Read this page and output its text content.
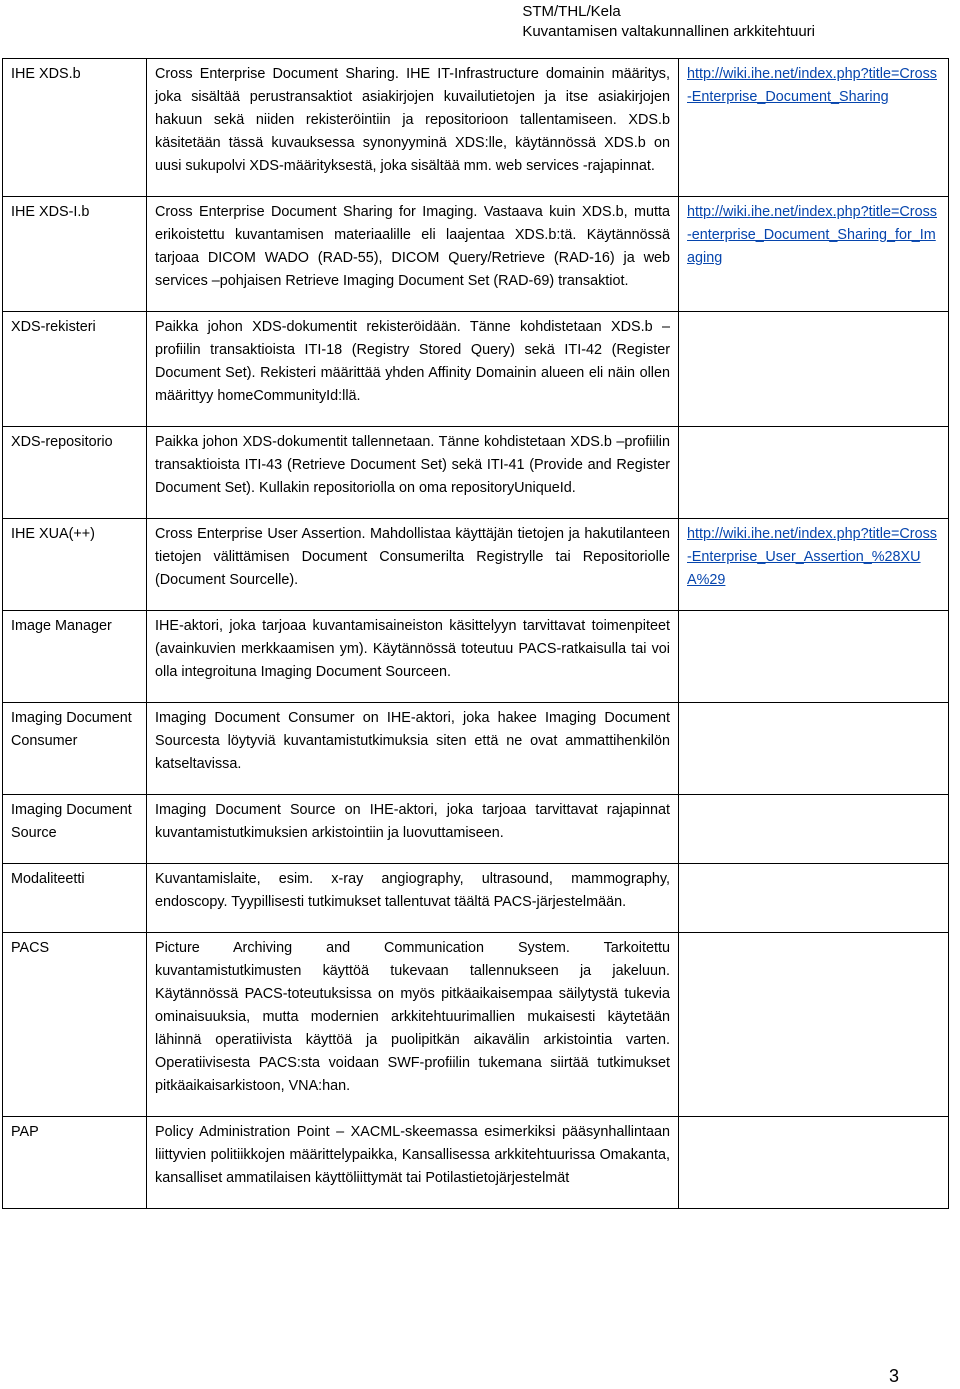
STM/THL/Kela
Kuvantamisen valtakunnallinen arkkitehtuuri
IHE XDS.b	Cross Enterprise Document Sharing. IHE IT-Infrastructure domainin määritys, joka sisältää perustransaktiot asiakirjojen kuvailutietojen ja itse asiakirjojen hakuun sekä niiden rekisteröintiin ja repositorioon tallentamiseen. XDS.b käsitetään tässä kuvauksessa synonyyminä XDS:lle, käytännössä XDS.b on uusi sukupolvi XDS-määrityksestä, joka sisältää mm. web services -rajapinnat.	http://wiki.ihe.net/index.php?title=Cross-Enterprise_Document_Sharing
IHE XDS-I.b	Cross Enterprise Document Sharing for Imaging. Vastaava kuin XDS.b, mutta erikoistettu kuvantamisen materiaalille eli laajentaa XDS.b:tä. Käytännössä tarjoaa DICOM WADO (RAD-55), DICOM Query/Retrieve (RAD-16) ja web services –pohjaisen Retrieve Imaging Document Set (RAD-69) transaktiot.	http://wiki.ihe.net/index.php?title=Cross-enterprise_Document_Sharing_for_Imaging
XDS-rekisteri	Paikka johon XDS-dokumentit rekisteröidään. Tänne kohdistetaan XDS.b –profiilin transaktioista ITI-18 (Registry Stored Query) sekä ITI-42 (Register Document Set). Rekisteri määrittää yhden Affinity Domainin alueen eli näin ollen määrittyy homeCommunityId:llä.	
XDS-repositorio	Paikka johon XDS-dokumentit tallennetaan. Tänne kohdistetaan XDS.b –profiilin transaktioista ITI-43 (Retrieve Document Set) sekä ITI-41 (Provide and Register Document Set). Kullakin repositoriolla on oma repositoryUniqueId.	
IHE XUA(++)	Cross Enterprise User Assertion. Mahdollistaa käyttäjän tietojen ja hakutilanteen tietojen välittämisen Document Consumerilta Registrylle tai Repositoriolle (Document Sourcelle).	http://wiki.ihe.net/index.php?title=Cross-Enterprise_User_Assertion_%28XUA%29
Image Manager	IHE-aktori, joka tarjoaa kuvantamisaineiston käsittelyyn tarvittavat toimenpiteet (avainkuvien merkkaamisen ym). Käytännössä toteutuu PACS-ratkaisulla tai voi olla integroituna Imaging Document Sourceen.	
Imaging Document Consumer	Imaging Document Consumer on IHE-aktori, joka hakee Imaging Document Sourcesta löytyviä kuvantamistutkimuksia siten että ne ovat ammattihenkilön katseltavissa.	
Imaging Document Source	Imaging Document Source on IHE-aktori, joka tarjoaa tarvittavat rajapinnat kuvantamistutkimuksien arkistointiin ja luovuttamiseen.	
Modaliteetti	Kuvantamislaite, esim. x-ray angiography, ultrasound, mammography, endoscopy. Tyypillisesti tutkimukset tallentuvat täältä PACS-järjestelmään.	
PACS	Picture Archiving and Communication System. Tarkoitettu kuvantamistutkimusten käyttöä tukevaan tallennukseen ja jakeluun. Käytännössä PACS-toteutuksissa on myös pitkäaikaisempaa säilytystä tukevia ominaisuuksia, mutta modernien arkkitehtuurimallien mukaisesti käytetään lähinnä operatiivista käyttöä ja puolipitkän aikavälin arkistointia varten. Operatiivisesta PACS:sta voidaan SWF-profiilin tukemana siirtää tutkimukset pitkäaikaisarkistoon, VNA:han.	
PAP	Policy Administration Point – XACML-skeemassa esimerkiksi pääsynhallintaan liittyvien politiikkojen määrittelypaikka, Kansallisessa arkkitehtuurissa Omakanta, kansalliset ammatilaisen käyttöliittymät tai Potilastietojärjestelmät	
3
